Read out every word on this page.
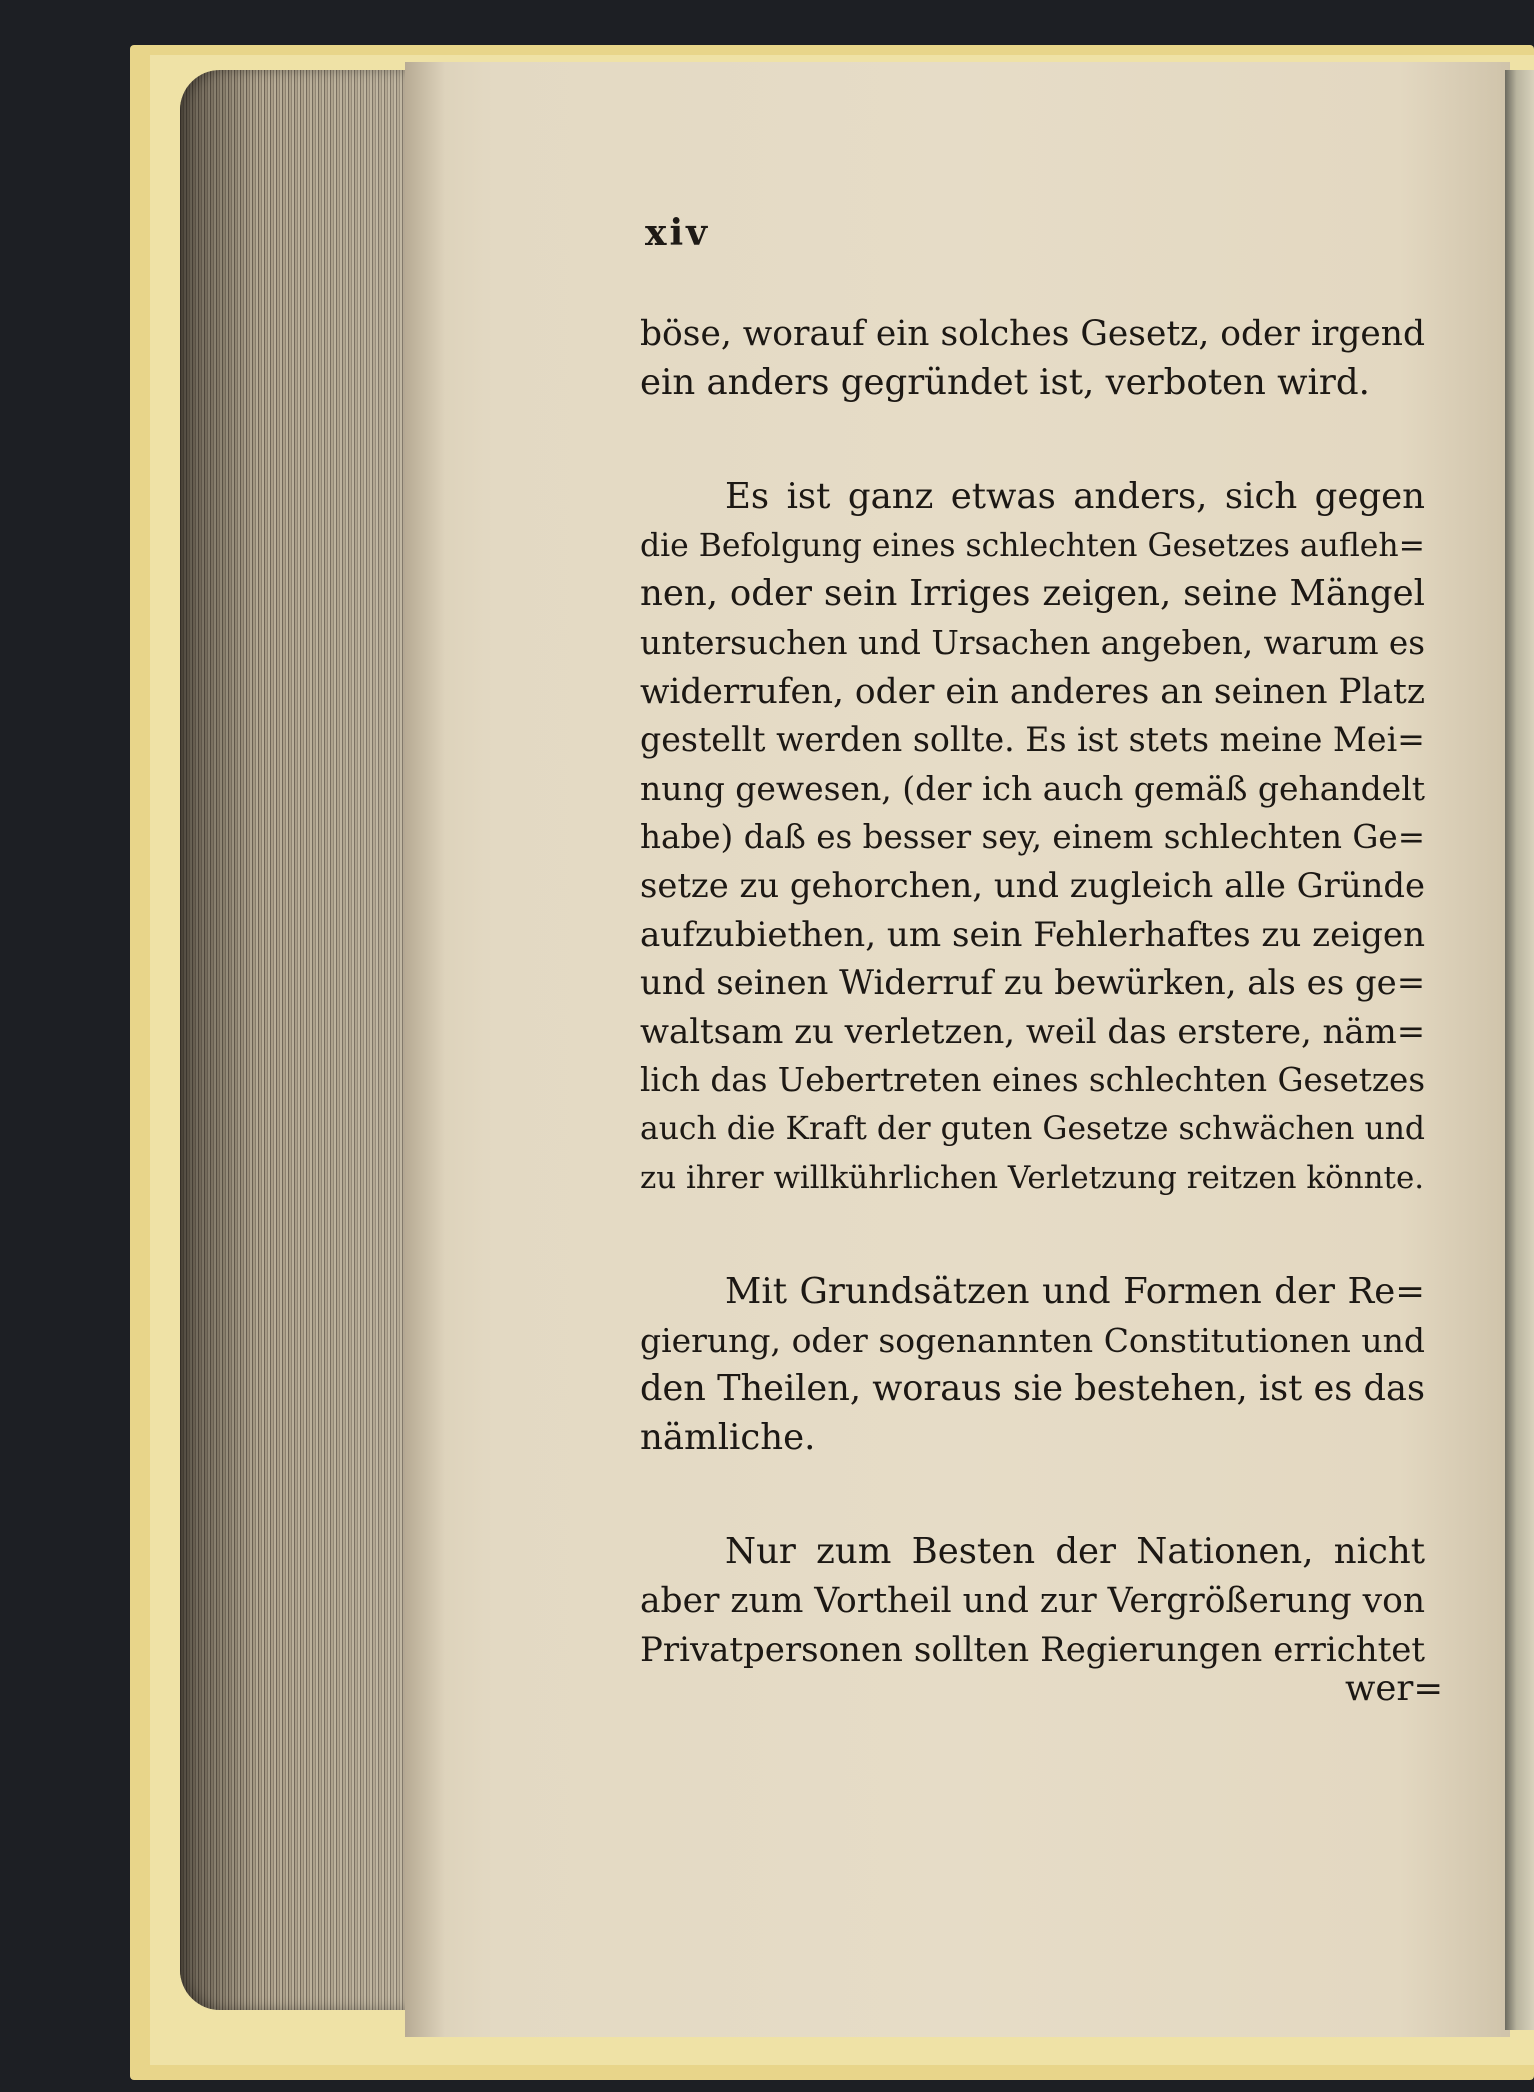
xiv
böse, worauf ein solches Gesetz, oder irgend
ein anders gegründet ist, verboten wird.
Es ist ganz etwas anders, sich gegen
die Befolgung eines schlechten Gesetzes aufleh=
nen, oder sein Irriges zeigen, seine Mängel
untersuchen und Ursachen angeben, warum es
widerrufen, oder ein anderes an seinen Platz
gestellt werden sollte. Es ist stets meine Mei=
nung gewesen, (der ich auch gemäß gehandelt
habe) daß es besser sey, einem schlechten Ge=
setze zu gehorchen, und zugleich alle Gründe
aufzubiethen, um sein Fehlerhaftes zu zeigen
und seinen Widerruf zu bewürken, als es ge=
waltsam zu verletzen, weil das erstere, näm=
lich das Uebertreten eines schlechten Gesetzes
auch die Kraft der guten Gesetze schwächen und
zu ihrer willkührlichen Verletzung reitzen könnte.
Mit Grundsätzen und Formen der Re=
gierung, oder sogenannten Constitutionen und
den Theilen, woraus sie bestehen, ist es das
nämliche.
Nur zum Besten der Nationen, nicht
aber zum Vortheil und zur Vergrößerung von
Privatpersonen sollten Regierungen errichtet
wer=
